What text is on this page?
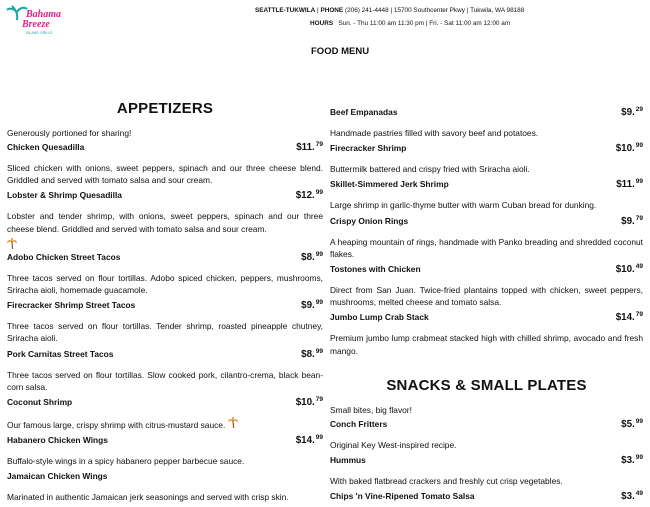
Bahama
Breeze
ISLAND GRILLE
SEATTLE-TUKWILA | PHONE (206) 241-4448 | 15700 Southcenter Pkwy | Tukwila, WA 98188
HOURS Sun. - Thu 11:00 am 11:30 pm | Fri. - Sat 11:00 am 12:00 am
FOOD MENU
APPETIZERS
Generously portioned for sharing!
Chicken Quesadilla	$11.79
Sliced chicken with onions, sweet peppers, spinach and our three cheese blend. Griddled and served with tomato salsa and sour cream.
Lobster & Shrimp Quesadilla	$12.99
Lobster and tender shrimp, with onions, sweet peppers, spinach and our three cheese blend. Griddled and served with tomato salsa and sour cream.
Adobo Chicken Street Tacos	$8.99
Three tacos served on flour tortillas. Adobo spiced chicken, peppers, mushrooms, Sriracha aioli, homemade guacamole.
Firecracker Shrimp Street Tacos	$9.99
Three tacos served on flour tortillas. Tender shrimp, roasted pineapple chutney, Sriracha aioli.
Pork Carnitas Street Tacos	$8.99
Three tacos served on flour tortillas. Slow cooked pork, cilantro-crema, black bean-corn salsa.
Coconut Shrimp	$10.79
Our famous large, crispy shrimp with citrus-mustard sauce.
Habanero Chicken Wings	$14.99
Buffalo-style wings in a spicy habanero pepper barbecue sauce.
Jamaican Chicken Wings
Marinated in authentic Jamaican jerk seasonings and served with crisp skin.
Beef Empanadas	$9.29
Handmade pastries filled with savory beef and potatoes.
Firecracker Shrimp	$10.99
Buttermilk battered and crispy fried with Sriracha aioli.
Skillet-Simmered Jerk Shrimp	$11.99
Large shrimp in garlic-thyme butter with warm Cuban bread for dunking.
Crispy Onion Rings	$9.79
A heaping mountain of rings, handmade with Panko breading and shredded coconut flakes.
Tostones with Chicken	$10.49
Direct from San Juan. Twice-fried plantains topped with chicken, sweet peppers, mushrooms, melted cheese and tomato salsa.
Jumbo Lump Crab Stack	$14.79
Premium jumbo lump crabmeat stacked high with chilled shrimp, avocado and fresh mango.
SNACKS & SMALL PLATES
Small bites, big flavor!
Conch Fritters	$5.99
Original Key West-inspired recipe.
Hummus	$3.99
With baked flatbread crackers and freshly cut crisp vegetables.
Chips 'n Vine-Ripened Tomato Salsa	$3.49
